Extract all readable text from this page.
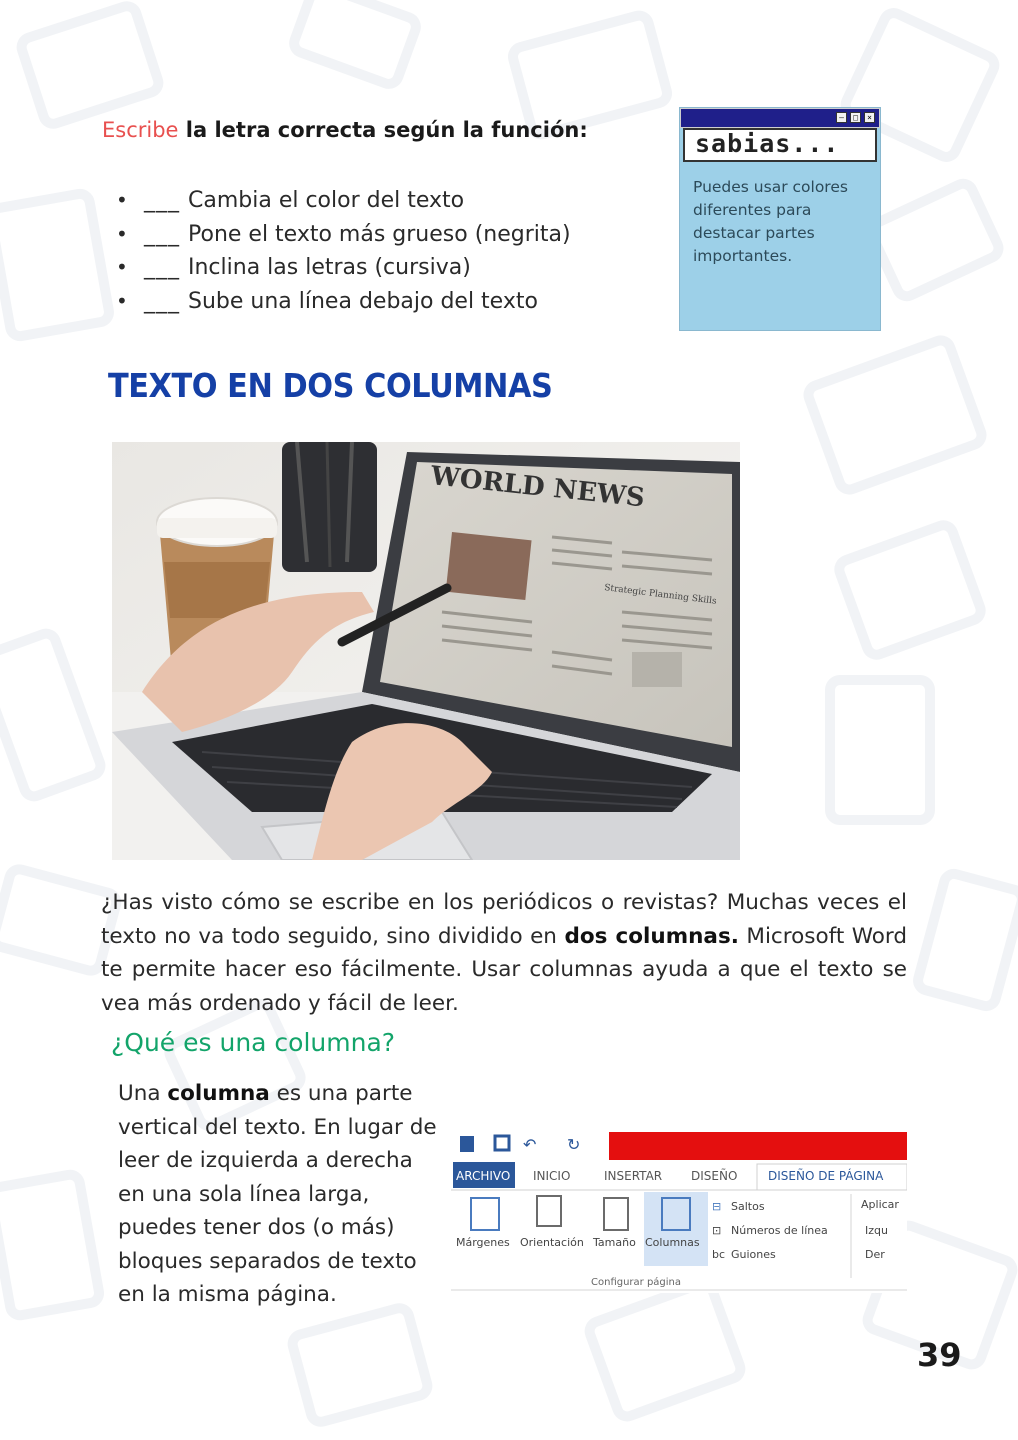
Escribe la letra correcta según la función:
• ___ Cambia el color del texto
• ___ Pone el texto más grueso (negrita)
• ___ Inclina las letras (cursiva)
• ___ Sube una línea debajo del texto
–	□	×
sabias...
Puedes usar colores diferentes para destacar partes importantes.
TEXTO EN DOS COLUMNAS
WORLD NEWS
Strategic Planning Skills

¿Has visto cómo se escribe en los periódicos o revistas? Muchas veces el texto no va todo seguido, sino dividido en dos columnas. Microsoft Word te permite hacer eso fácilmente. Usar columnas ayuda a que el texto se vea más ordenado y fácil de leer.

¿Qué es una columna?

Una columna es una parte vertical del texto. En lugar de leer de izquierda a derecha en una sola línea larga, puedes tener dos (o más) bloques separados de texto en la misma página.

↶ ↻
ARCHIVO INICIO	INSERTAR DISEÑO	DISEÑO DE PÁGINA
Márgenes Orientación Tamaño Columnas
⊟ Saltos
⊡ Números de línea
bc Guiones
Aplicar
Izqu
Der
Configurar página
39
